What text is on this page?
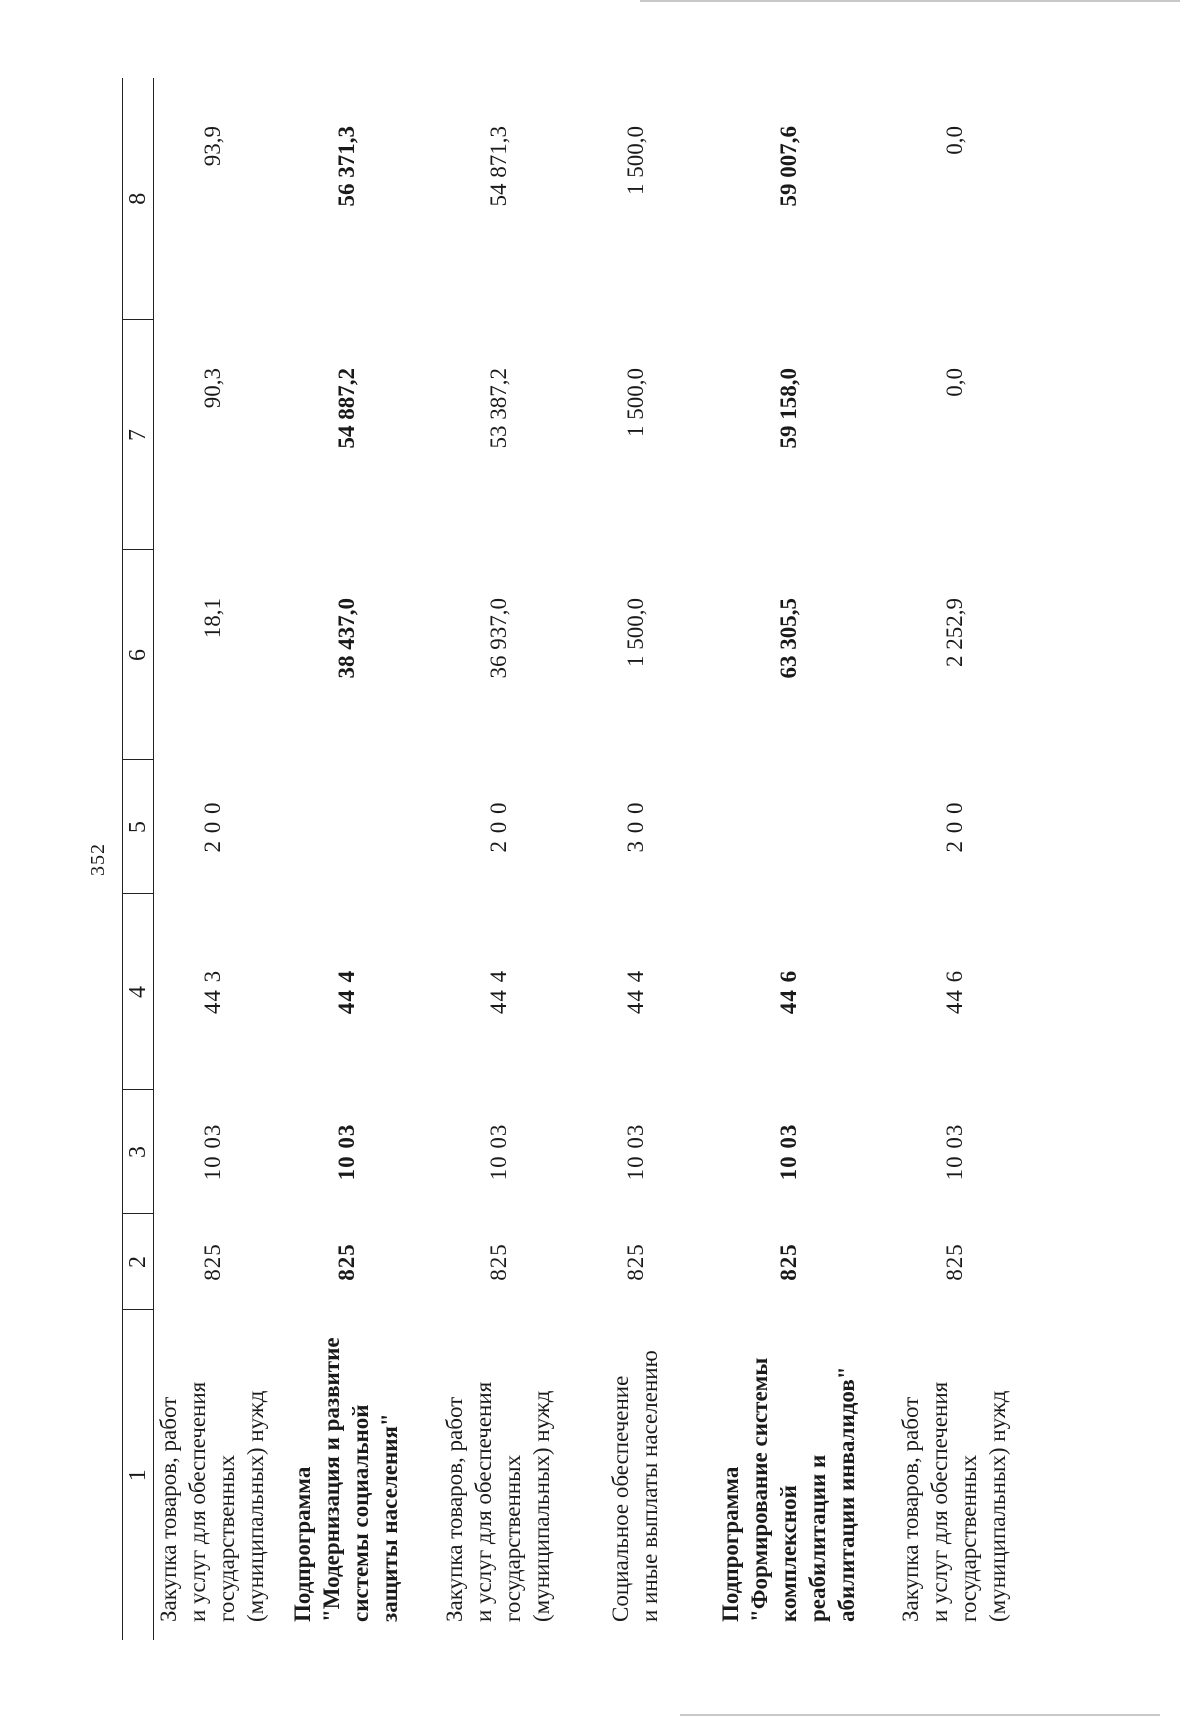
352
1	2	3	4	5	6	7	8
Закупка товаров, работ и услуг для обеспечения государственных (муниципальных) нужд	825	10 03	44 3	2 0 0	18,1	90,3	93,9
Подпрограмма "Модернизация и развитие системы социальной защиты населения"	825	10 03	44 4		38 437,0	54 887,2	56 371,3
Закупка товаров, работ и услуг для обеспечения государственных (муниципальных) нужд	825	10 03	44 4	2 0 0	36 937,0	53 387,2	54 871,3
Социальное обеспечение и иные выплаты населению	825	10 03	44 4	3 0 0	1 500,0	1 500,0	1 500,0
Подпрограмма "Формирование системы комплексной реабилитации и абилитации инвалидов"	825	10 03	44 6		63 305,5	59 158,0	59 007,6
Закупка товаров, работ и услуг для обеспечения государственных (муниципальных) нужд	825	10 03	44 6	2 0 0	2 252,9	0,0	0,0
